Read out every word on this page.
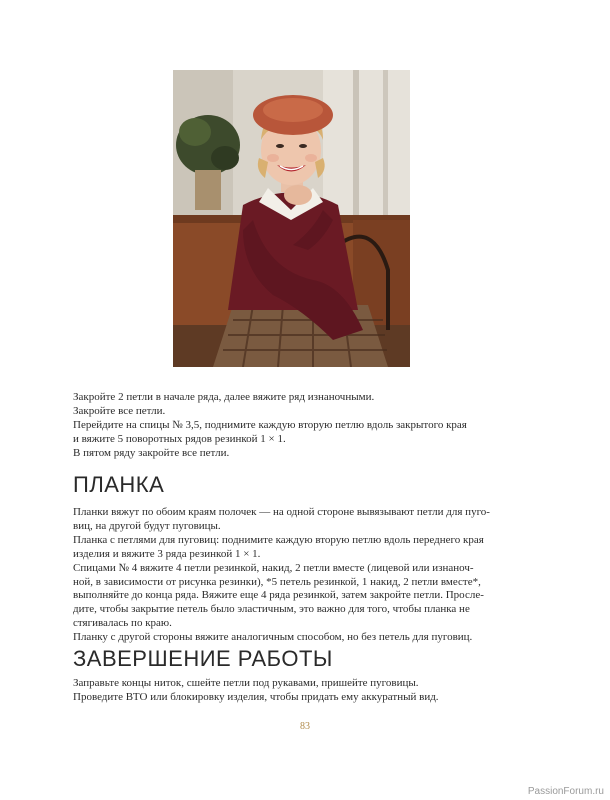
Закройте 2 петли в начале ряда, далее вяжите ряд изнаночными.

Закройте все петли.

Перейдите на спицы № 3,5, поднимите каждую вторую петлю вдоль закрытого края

и вяжите 5 поворотных рядов резинкой 1 × 1.

В пятом ряду закройте все петли.

ПЛАНКА

Планки вяжут по обоим краям полочек — на одной стороне вывязывают петли для пуго-

виц, на другой будут пуговицы.

Планка с петлями для пуговиц: поднимите каждую вторую петлю вдоль переднего края

изделия и вяжите 3 ряда резинкой 1 × 1.

Спицами № 4 вяжите 4 петли резинкой, накид, 2 петли вместе (лицевой или изнаноч-

ной, в зависимости от рисунка резинки), *5 петель резинкой, 1 накид, 2 петли вместе*,

выполняйте до конца ряда. Вяжите еще 4 ряда резинкой, затем закройте петли. Просле-

дите, чтобы закрытие петель было эластичным, это важно для того, чтобы планка не

стягивалась по краю.

Планку с другой стороны вяжите аналогичным способом, но без петель для пуговиц.

ЗАВЕРШЕНИЕ РАБОТЫ

Заправьте концы ниток, сшейте петли под рукавами, пришейте пуговицы.

Проведите ВТО или блокировку изделия, чтобы придать ему аккуратный вид.

83
PassionForum.ru
